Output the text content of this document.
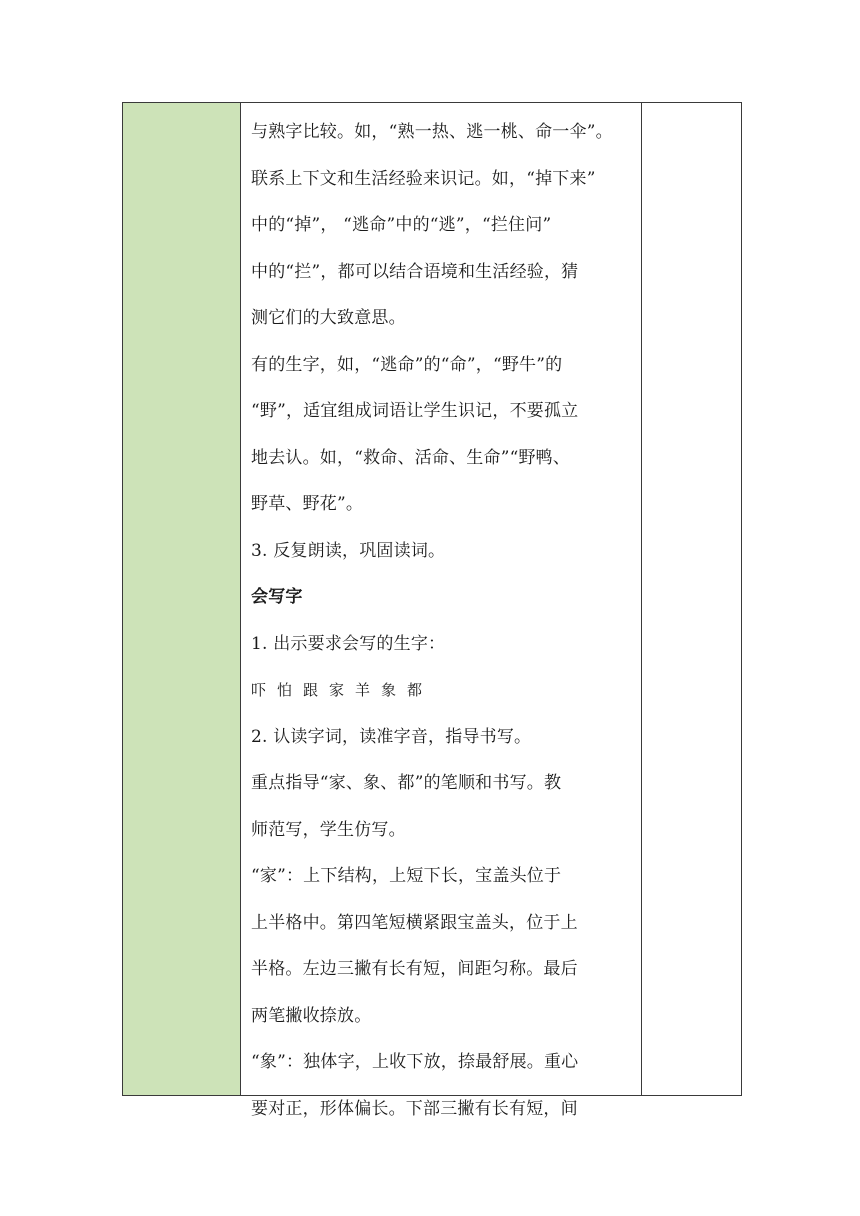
与熟字比较。如，“熟一热、逃一桃、命一伞”。
联系上下文和生活经验来识记。如，“掉下来”
中的“掉”， “逃命”中的“逃”，“拦住问”
中的“拦”，都可以结合语境和生活经验，猜
测它们的大致意思。
有的生字，如，“逃命”的“命”，“野牛”的
“野”，适宜组成词语让学生识记，不要孤立
地去认。如，“救命、活命、生命”“野鸭、
野草、野花”。
3. 反复朗读，巩固读词。
会写字
1. 出示要求会写的生字：
吓怕跟家羊象都
2. 认读字词，读准字音，指导书写。
重点指导“家、象、都”的笔顺和书写。教
师范写，学生仿写。
“家”：上下结构，上短下长，宝盖头位于
上半格中。第四笔短横紧跟宝盖头，位于上
半格。左边三撇有长有短，间距匀称。最后
两笔撇收捺放。
“象”：独体字，上收下放，捺最舒展。重心
要对正，形体偏长。下部三撇有长有短，间
